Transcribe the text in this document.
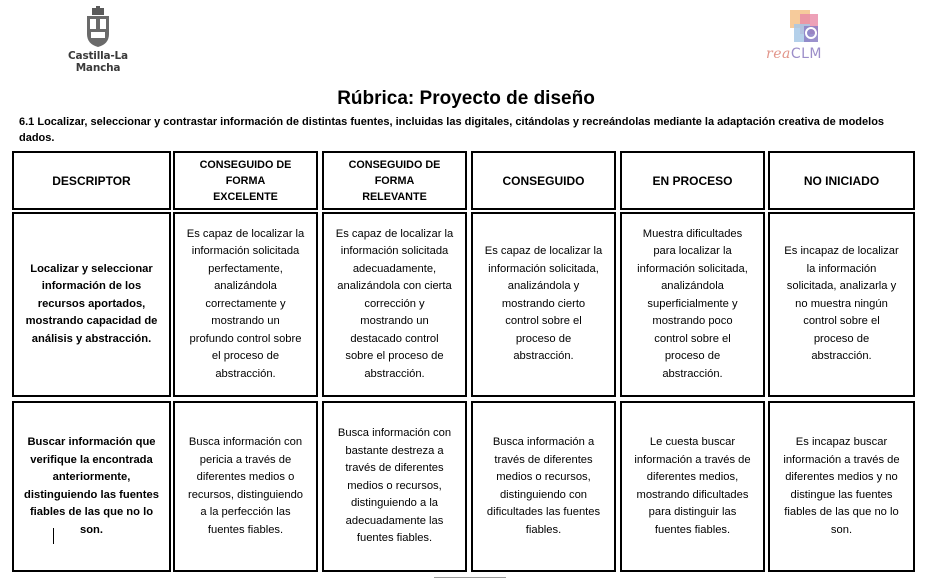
Castilla-La Mancha
reaCLM
Rúbrica: Proyecto de diseño
6.1 Localizar, seleccionar y contrastar información de distintas fuentes, incluidas las digitales, citándolas y recreándolas mediante la adaptación creativa de modelos dados.
DESCRIPTOR
CONSEGUIDO DE
FORMA
EXCELENTE
CONSEGUIDO DE
FORMA
RELEVANTE
CONSEGUIDO	EN PROCESO	NO INICIADO
Localizar y seleccionar
información de los
recursos aportados,
mostrando capacidad de
análisis y abstracción.
Es capaz de localizar la
información solicitada
perfectamente,
analizándola
correctamente y
mostrando un
profundo control sobre
el proceso de
abstracción.
Es capaz de localizar la
información solicitada
adecuadamente,
analizándola con cierta
corrección y
mostrando un
destacado control
sobre el proceso de
abstracción.
Es capaz de localizar la
información solicitada,
analizándola y
mostrando cierto
control sobre el
proceso de
abstracción.
Muestra dificultades
para localizar la
información solicitada,
analizándola
superficialmente y
mostrando poco
control sobre el
proceso de
abstracción.
Es incapaz de localizar
la información
solicitada, analizarla y
no muestra ningún
control sobre el
proceso de
abstracción.
Buscar información que
verifique la encontrada
anteriormente,
distinguiendo las fuentes
fiables de las que no lo
son.
Busca información con
pericia a través de
diferentes medios o
recursos, distinguiendo
a la perfección las
fuentes fiables.
Busca información con
bastante destreza a
través de diferentes
medios o recursos,
distinguiendo a la
adecuadamente las
fuentes fiables.
Busca información a
través de diferentes
medios o recursos,
distinguiendo con
dificultades las fuentes
fiables.
Le cuesta buscar
información a través de
diferentes medios,
mostrando dificultades
para distinguir las
fuentes fiables.
Es incapaz buscar
información a través de
diferentes medios y no
distingue las fuentes
fiables de las que no lo
son.
